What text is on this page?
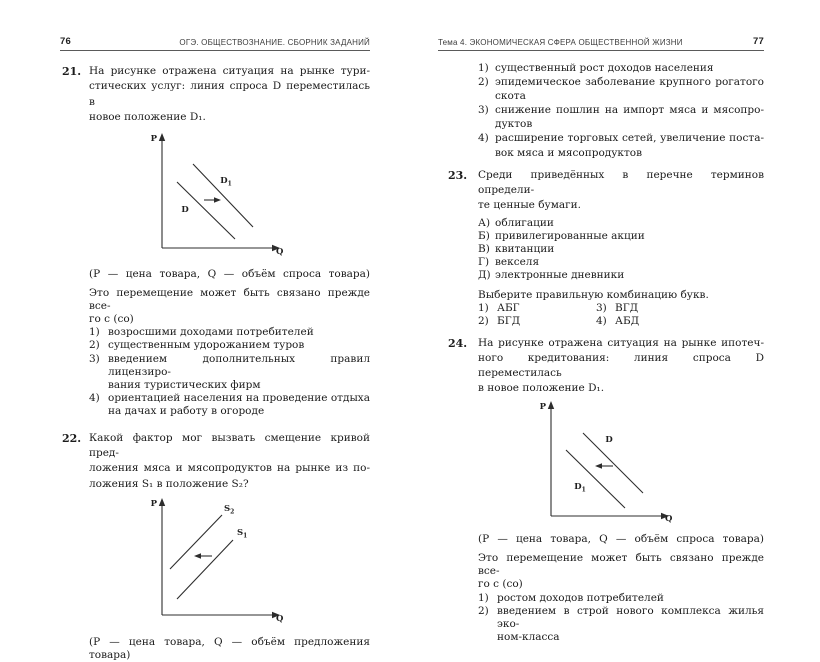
76	ОГЭ. ОБЩЕСТВОЗНАНИЕ. СБОРНИК ЗАДАНИЙ
21. На рисунке отражена ситуация на рынке тури-
стических услуг: линия спроса D переместилась в
новое положение D₁.
P
Q
D
$D_1$
(P — цена товара, Q — объём спроса товара)
Это перемещение может быть связано прежде все-
го с (со)
1) возросшими доходами потребителей
2) существенным удорожанием туров
3) введением дополнительных правил лицензиро-
вания туристических фирм
4) ориентацией населения на проведение отдыха
на дачах и работу в огороде
22. Какой фактор мог вызвать смещение кривой пред-
ложения мяса и мясопродуктов на рынке из по-
ложения S₁ в положение S₂?
P
Q
$S_2$
$S_1$
(P — цена товара, Q — объём предложения товара)
Тема 4. ЭКОНОМИЧЕСКАЯ СФЕРА ОБЩЕСТВЕННОЙ ЖИЗНИ	77
1) существенный рост доходов населения
2) эпидемическое заболевание крупного рогатого
скота
3) снижение пошлин на импорт мяса и мясопро-
дуктов
4) расширение торговых сетей, увеличение поста-
вок мяса и мясопродуктов
23.	Среди приведённых в перечне терминов определи-
те ценные бумаги.
А) облигации
Б) привилегированные акции
В) квитанции
Г) векселя
Д) электронные дневники
Выберите правильную комбинацию букв.
1) АБГ	3) ВГД
2) БГД	4) АБД
24.	На рисунке отражена ситуация на рынке ипотеч-
ного кредитования: линия спроса D переместилась
в новое положение D₁.
P
Q
D
$D_1$
(P — цена товара, Q — объём спроса товара)
Это перемещение может быть связано прежде все-
го с (со)
1) ростом доходов потребителей
2) введением в строй нового комплекса жилья эко-
ном-класса
